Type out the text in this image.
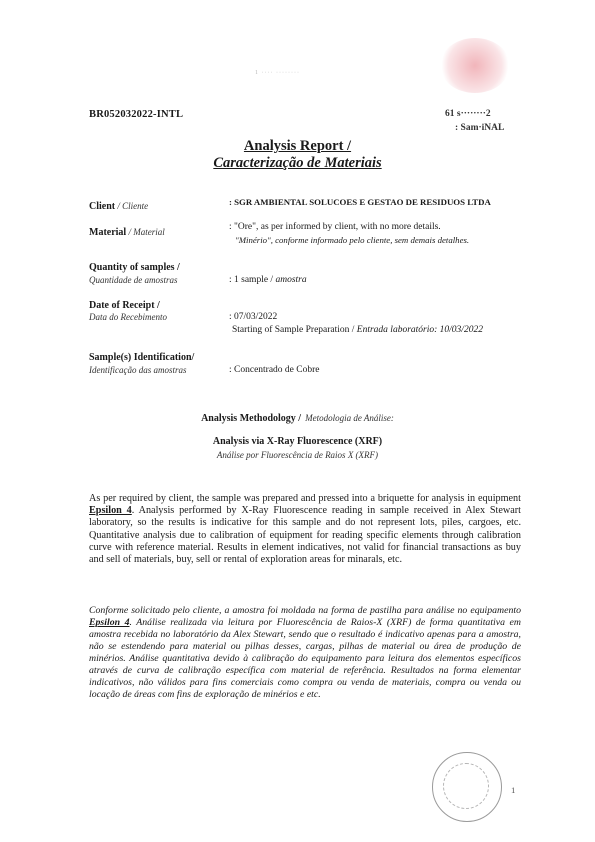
1 ···· ········
BR052032022-INTL	61 s········2
: Sam·iNAL
Analysis Report /
Caracterização de Materiais
Client / Cliente	: SGR AMBIENTAL SOLUCOES E GESTAO DE RESIDUOS LTDA
Material / Material	: "Ore", as per informed by client, with no more details.
"Minério", conforme informado pelo cliente, sem demais detalhes.
Quantity of samples /
Quantidade de amostras	: 1 sample / amostra
Date of Receipt /
Data do Recebimento	: 07/03/2022
Starting of Sample Preparation / Entrada laboratório: 10/03/2022
Sample(s) Identification/
Identificação das amostras	: Concentrado de Cobre
Analysis Methodology / Metodologia de Análise:
Analysis via X-Ray Fluorescence (XRF)
Análise por Fluorescência de Raios X (XRF)
As per required by client, the sample was prepared and pressed into a briquette for analysis in equipment Epsilon 4. Analysis performed by X-Ray Fluorescence reading in sample received in Alex Stewart laboratory, so the results is indicative for this sample and do not represent lots, piles, cargoes, etc. Quantitative analysis due to calibration of equipment for reading specific elements through calibration curve with reference material. Results in element indicatives, not valid for financial transactions as buy and sell of materials, buy, sell or rental of exploration areas for minarals, etc.
Conforme solicitado pelo cliente, a amostra foi moldada na forma de pastilha para análise no equipamento Epsilon 4. Análise realizada via leitura por Fluorescência de Raios-X (XRF) de forma quantitativa em amostra recebida no laboratório da Alex Stewart, sendo que o resultado é indicativo apenas para a amostra, não se estendendo para material ou pilhas desses, cargas, pilhas de material ou área de produção de minérios. Análise quantitativa devido à calibração do equipamento para leitura dos elementos específicos através de curva de calibração específica com material de referência. Resultados na forma elementar indicativos, não válidos para fins comerciais como compra ou venda de materiais, compra ou venda ou locação de áreas com fins de exploração de minérios e etc.
1
